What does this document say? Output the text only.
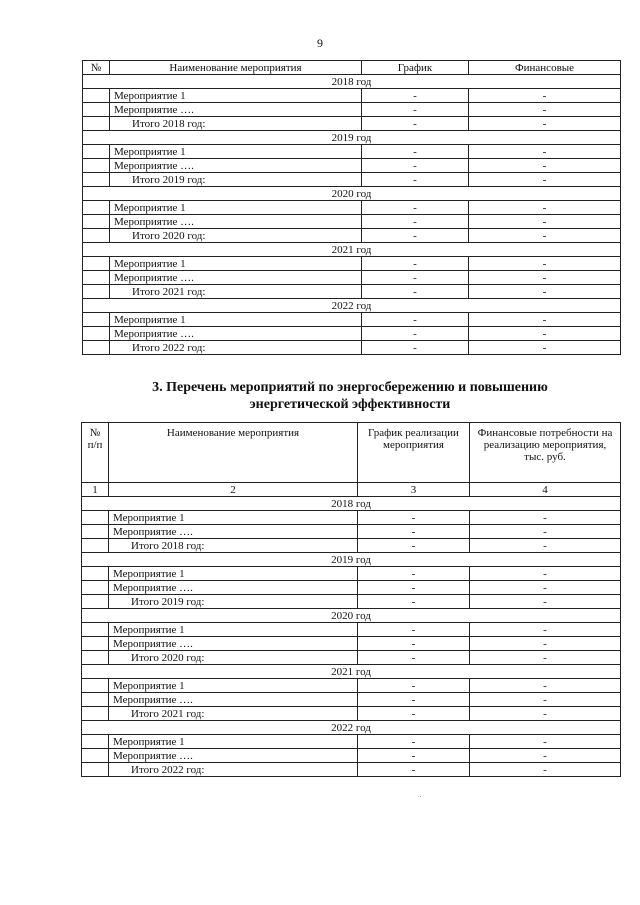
9
№	Наименование мероприятия	График	Финансовые
2018 год			
	Мероприятие 1	-	-
	Мероприятие ….	-	-
	Итого 2018 год:	-	-
2019 год			
	Мероприятие 1	-	-
	Мероприятие ….	-	-
	Итого 2019 год:	-	-
2020 год			
	Мероприятие 1	-	-
	Мероприятие ….	-	-
	Итого 2020 год:	-	-
2021 год			
	Мероприятие 1	-	-
	Мероприятие ….	-	-
	Итого 2021 год:	-	-
2022 год			
	Мероприятие 1	-	-
	Мероприятие ….	-	-
	Итого 2022 год:	-	-
3. Перечень мероприятий по энергосбережению и повышению
энергетической эффективности
№ п/п	Наименование мероприятия	График реализации мероприятия	Финансовые потребности на реализацию мероприятия, тыс. руб.
1	2	3	4
2018 год			
	Мероприятие 1	-	-
	Мероприятие ….	-	-
	Итого 2018 год:	-	-
2019 год			
	Мероприятие 1	-	-
	Мероприятие ….	-	-
	Итого 2019 год:	-	-
2020 год			
	Мероприятие 1	-	-
	Мероприятие ….	-	-
	Итого 2020 год:	-	-
2021 год			
	Мероприятие 1	-	-
	Мероприятие ….	-	-
	Итого 2021 год:	-	-
2022 год			
	Мероприятие 1	-	-
	Мероприятие ….	-	-
	Итого 2022 год:	-	-
